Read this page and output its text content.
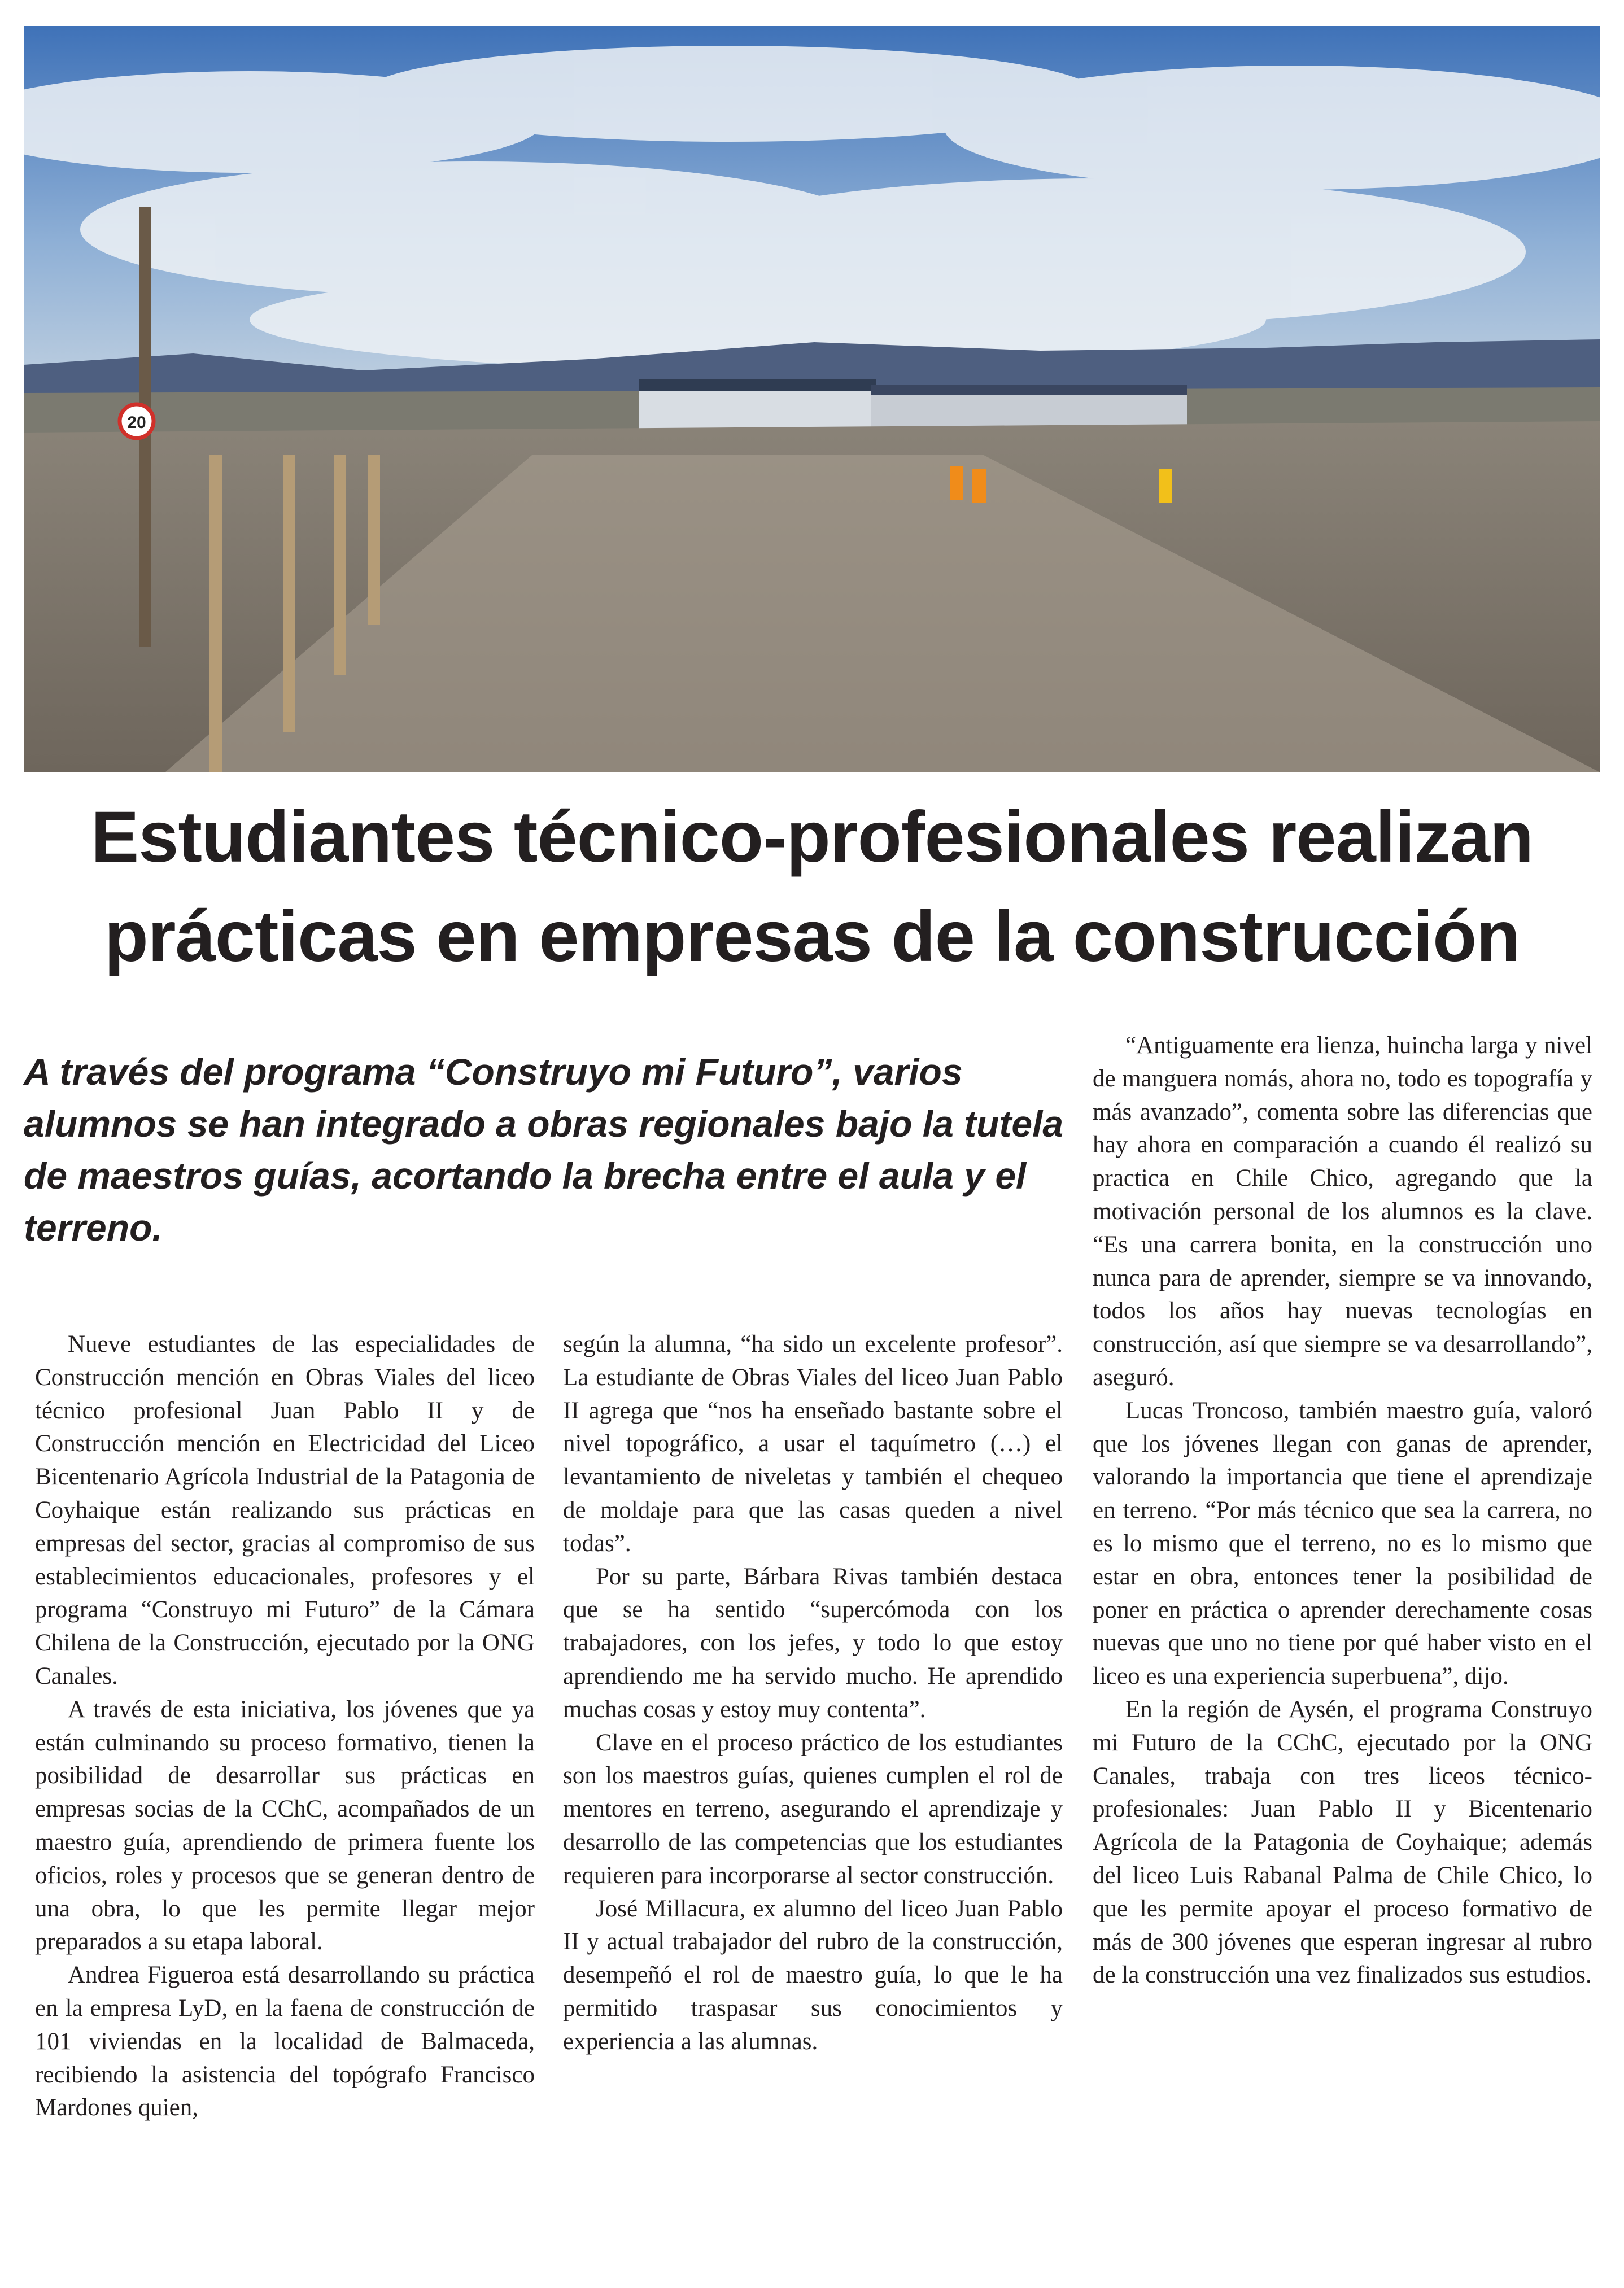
20
Estudiantes técnico-profesionales realizan
prácticas en empresas de la construcción

A través del programa “Construyo mi Futuro”, varios alumnos se han integrado a obras regionales bajo la tutela de maestros guías, acortando la brecha entre el aula y el terreno.

Nueve estudiantes de las especialidades de Construcción mención en Obras Viales del liceo técnico profesional Juan Pablo II y de Construcción mención en Electricidad del Liceo Bicentenario Agrícola Industrial de la Patagonia de Coyhaique están realizando sus prácticas en empresas del sector, gracias al compromiso de sus establecimientos educacionales, profesores y el programa “Construyo mi Futuro” de la Cámara Chilena de la Construcción, ejecutado por la ONG Canales.

A través de esta iniciativa, los jóvenes que ya están culminando su proceso formativo, tienen la posibilidad de desarrollar sus prácticas en empresas socias de la CChC, acompañados de un maestro guía, aprendiendo de primera fuente los oficios, roles y procesos que se generan dentro de una obra, lo que les permite llegar mejor preparados a su etapa laboral.

Andrea Figueroa está desarrollando su práctica en la empresa LyD, en la faena de construcción de 101 viviendas en la localidad de Balmaceda, recibiendo la asistencia del topógrafo Francisco Mardones quien,

según la alumna, “ha sido un excelente profesor”. La estudiante de Obras Viales del liceo Juan Pablo II agrega que “nos ha enseñado bastante sobre el nivel topográfico, a usar el taquímetro (…) el levantamiento de niveletas y también el chequeo de moldaje para que las casas queden a nivel todas”.

Por su parte, Bárbara Rivas también destaca que se ha sentido “supercómoda con los trabajadores, con los jefes, y todo lo que estoy aprendiendo me ha servido mucho. He aprendido muchas cosas y estoy muy contenta”.

Clave en el proceso práctico de los estudiantes son los maestros guías, quienes cumplen el rol de mentores en terreno, asegurando el aprendizaje y desarrollo de las competencias que los estudiantes requieren para incorporarse al sector construcción.

José Millacura, ex alumno del liceo Juan Pablo II y actual trabajador del rubro de la construcción, desempeñó el rol de maestro guía, lo que le ha permitido traspasar sus conocimientos y experiencia a las alumnas.

“Antiguamente era lienza, huincha larga y nivel de manguera nomás, ahora no, todo es topografía y más avanzado”, comenta sobre las diferencias que hay ahora en comparación a cuando él realizó su practica en Chile Chico, agregando que la motivación personal de los alumnos es la clave. “Es una carrera bonita, en la construcción uno nunca para de aprender, siempre se va innovando, todos los años hay nuevas tecnologías en construcción, así que siempre se va desarrollando”, aseguró.

Lucas Troncoso, también maestro guía, valoró que los jóvenes llegan con ganas de aprender, valorando la importancia que tiene el aprendizaje en terreno. “Por más técnico que sea la carrera, no es lo mismo que el terreno, no es lo mismo que estar en obra, entonces tener la posibilidad de poner en práctica o aprender derechamente cosas nuevas que uno no tiene por qué haber visto en el liceo es una experiencia superbuena”, dijo.

En la región de Aysén, el programa Construyo mi Futuro de la CChC, ejecutado por la ONG Canales, trabaja con tres liceos técnico-profesionales: Juan Pablo II y Bicentenario Agrícola de la Patagonia de Coyhaique; además del liceo Luis Rabanal Palma de Chile Chico, lo que les permite apoyar el proceso formativo de más de 300 jóvenes que esperan ingresar al rubro de la construcción una vez finalizados sus estudios.
